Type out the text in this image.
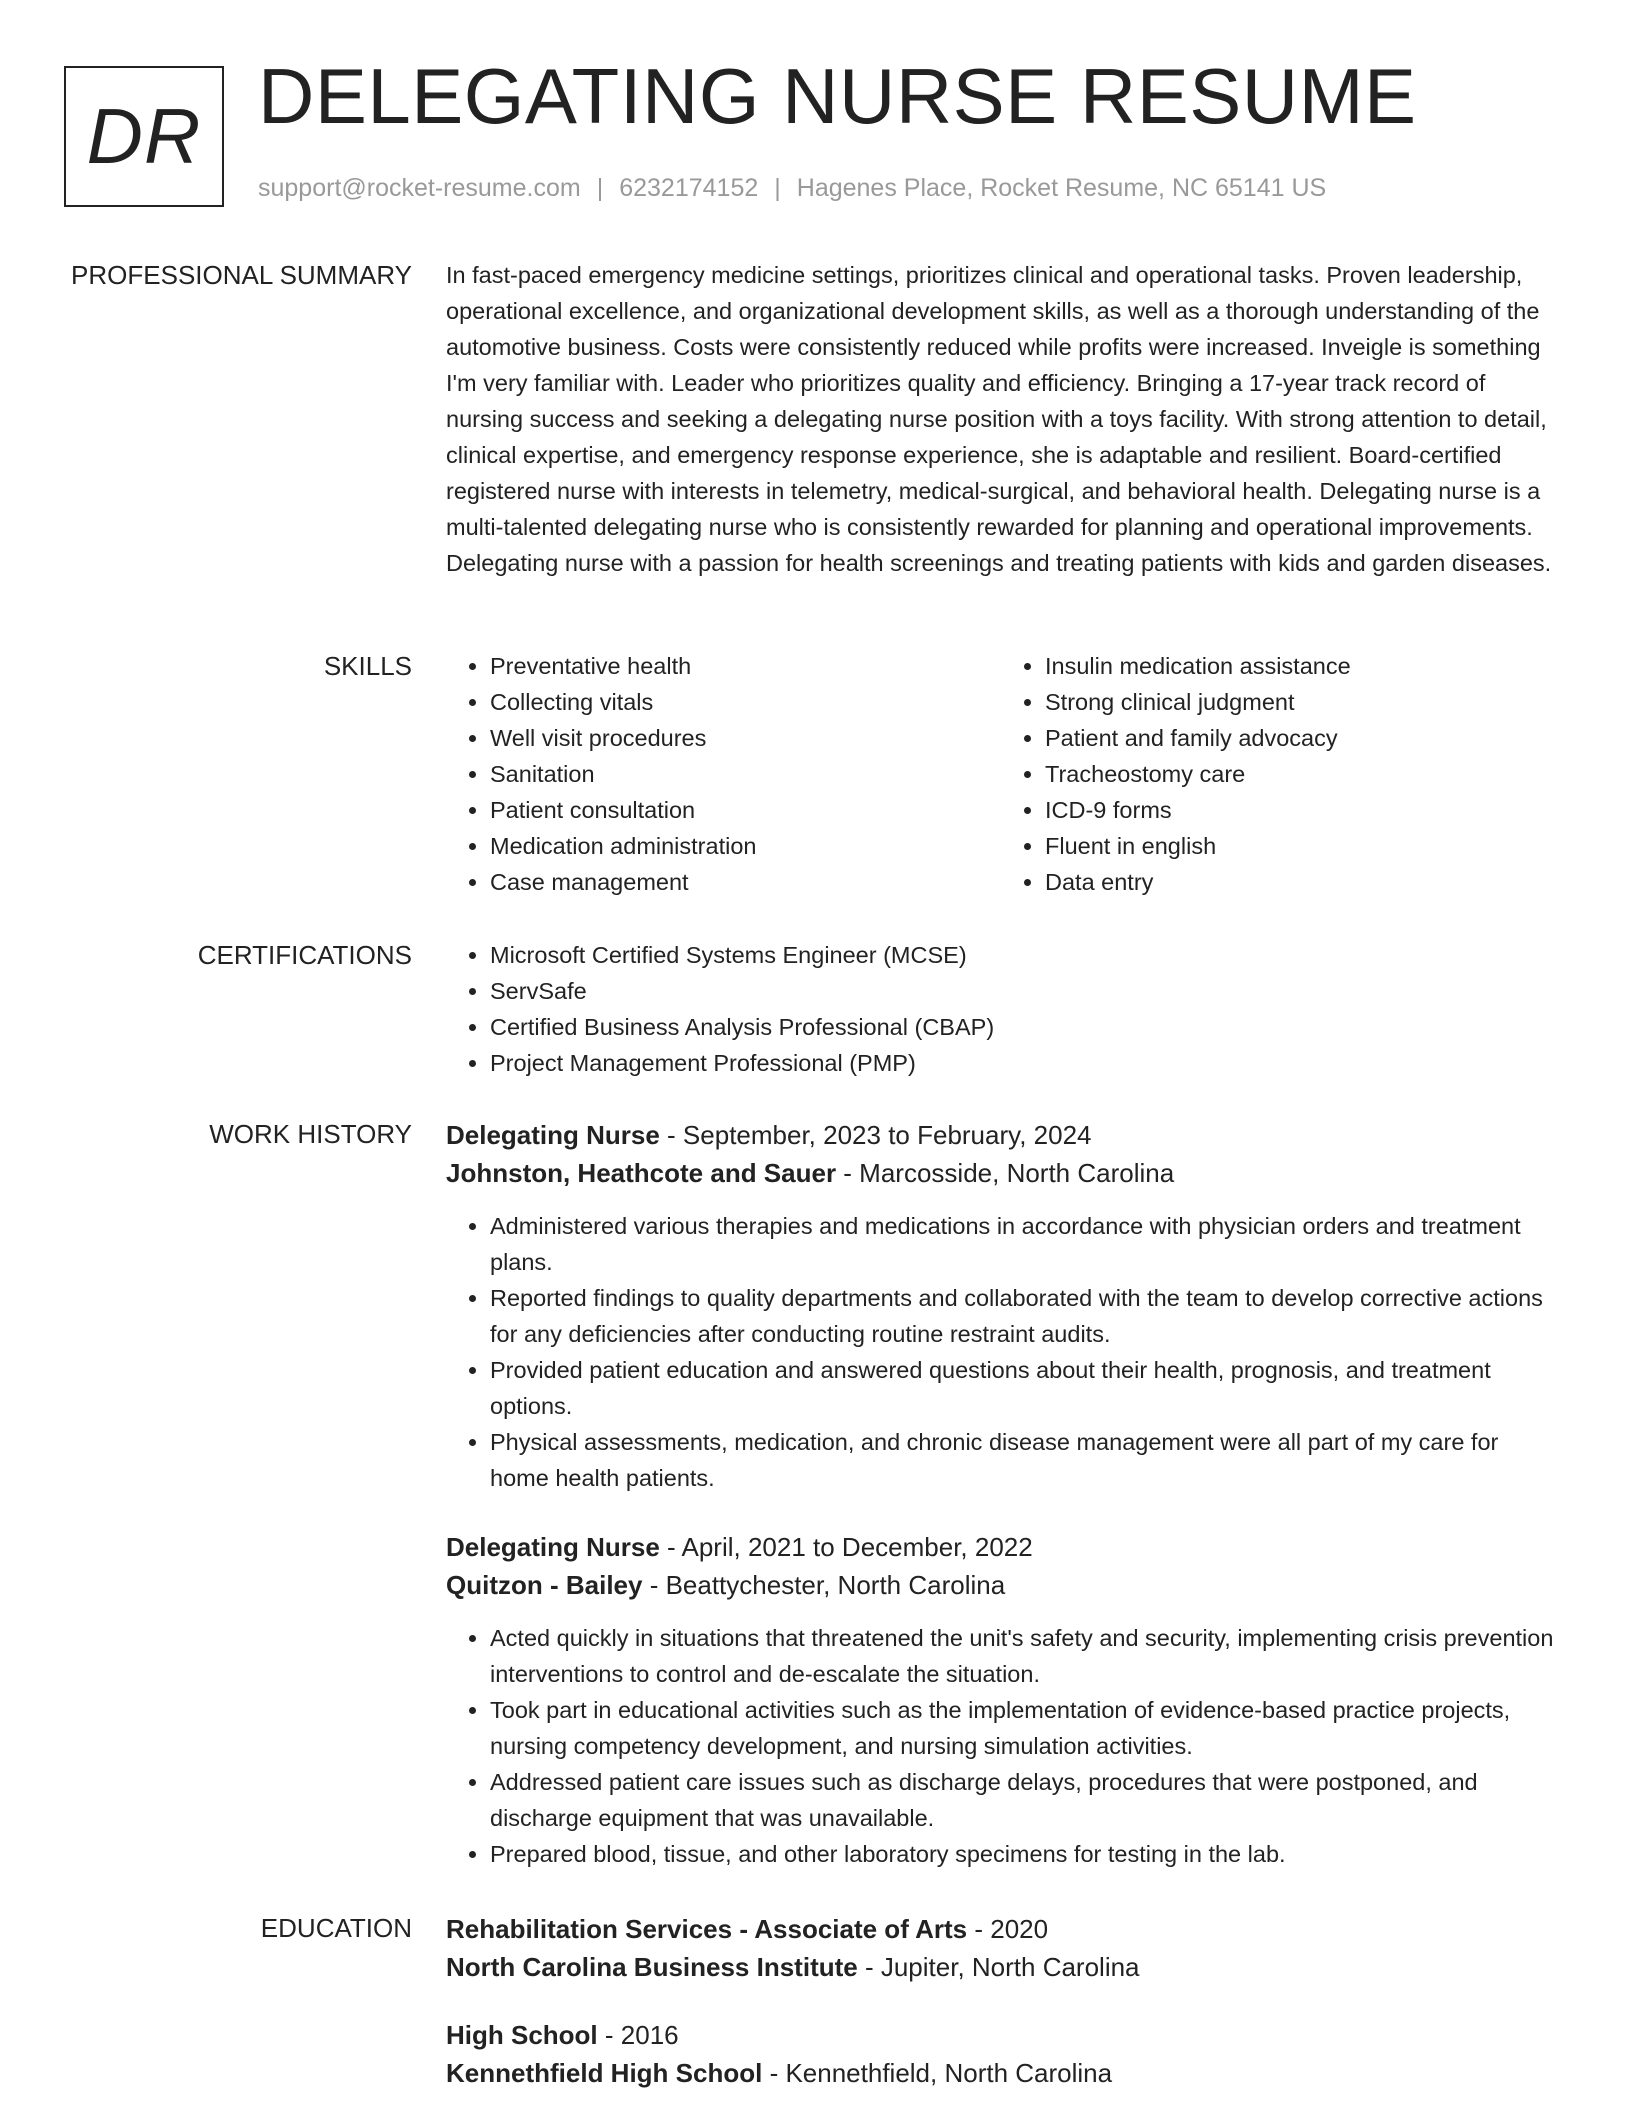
DR DELEGATING NURSE RESUME
support@rocket-resume.com | 6232174152 | Hagenes Place, Rocket Resume, NC 65141 US
PROFESSIONAL SUMMARY In fast-paced emergency medicine settings, prioritizes clinical and operational tasks. Proven leadership, operational excellence, and organizational development skills, as well as a thorough understanding of the automotive business. Costs were consistently reduced while profits were increased. Inveigle is something I'm very familiar with. Leader who prioritizes quality and efficiency. Bringing a 17-year track record of nursing success and seeking a delegating nurse position with a toys facility. With strong attention to detail, clinical expertise, and emergency response experience, she is adaptable and resilient. Board-certified registered nurse with interests in telemetry, medical-surgical, and behavioral health. Delegating nurse is a multi-talented delegating nurse who is consistently rewarded for planning and operational improvements. Delegating nurse with a passion for health screenings and treating patients with kids and garden diseases.

SKILLS	• Preventative health
• Collecting vitals
• Well visit procedures
• Sanitation
• Patient consultation
• Medication administration
• Case management
• Insulin medication assistance
• Strong clinical judgment
• Patient and family advocacy
• Tracheostomy care
• ICD-9 forms
• Fluent in english
• Data entry
CERTIFICATIONS	• Microsoft Certified Systems Engineer (MCSE)
• ServSafe
• Certified Business Analysis Professional (CBAP)
• Project Management Professional (PMP)
WORK HISTORY Delegating Nurse - September, 2023 to February, 2024
Johnston, Heathcote and Sauer - Marcosside, North Carolina
• Administered various therapies and medications in accordance with physician orders and treatment plans.
• Reported findings to quality departments and collaborated with the team to develop corrective actions for any deficiencies after conducting routine restraint audits.
• Provided patient education and answered questions about their health, prognosis, and treatment options.
• Physical assessments, medication, and chronic disease management were all part of my care for home health patients.
Delegating Nurse - April, 2021 to December, 2022
Quitzon - Bailey - Beattychester, North Carolina
• Acted quickly in situations that threatened the unit's safety and security, implementing crisis prevention interventions to control and de-escalate the situation.
• Took part in educational activities such as the implementation of evidence-based practice projects, nursing competency development, and nursing simulation activities.
• Addressed patient care issues such as discharge delays, procedures that were postponed, and discharge equipment that was unavailable.
• Prepared blood, tissue, and other laboratory specimens for testing in the lab.
EDUCATION Rehabilitation Services - Associate of Arts - 2020
North Carolina Business Institute - Jupiter, North Carolina
High School - 2016
Kennethfield High School - Kennethfield, North Carolina
